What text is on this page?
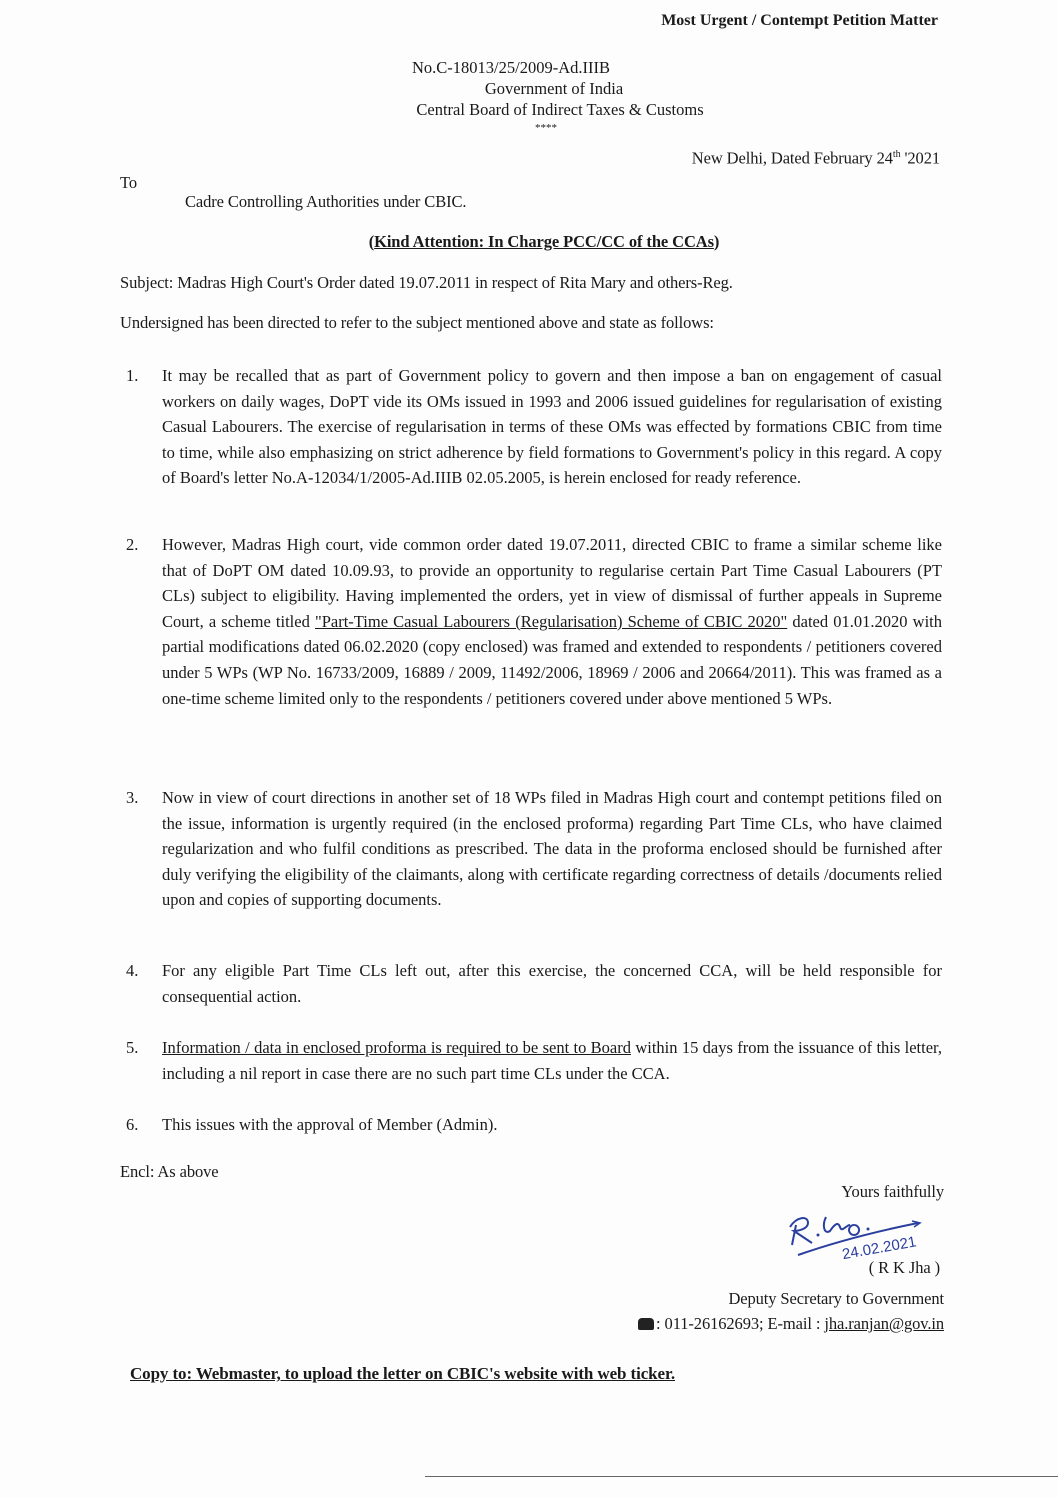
Most Urgent / Contempt Petition Matter
No.C-18013/25/2009-Ad.IIIB
Government of India
Central Board of Indirect Taxes & Customs
****
New Delhi, Dated February 24th '2021
To
Cadre Controlling Authorities under CBIC.
(Kind Attention: In Charge PCC/CC of the CCAs)
Subject: Madras High Court's Order dated 19.07.2011 in respect of Rita Mary and others-Reg.
Undersigned has been directed to refer to the subject mentioned above and state as follows:
1. It may be recalled that as part of Government policy to govern and then impose a ban on engagement of casual workers on daily wages, DoPT vide its OMs issued in 1993 and 2006 issued guidelines for regularisation of existing Casual Labourers. The exercise of regularisation in terms of these OMs was effected by formations CBIC from time to time, while also emphasizing on strict adherence by field formations to Government's policy in this regard. A copy of Board's letter No.A-12034/1/2005-Ad.IIIB 02.05.2005, is herein enclosed for ready reference.
2. However, Madras High court, vide common order dated 19.07.2011, directed CBIC to frame a similar scheme like that of DoPT OM dated 10.09.93, to provide an opportunity to regularise certain Part Time Casual Labourers (PT CLs) subject to eligibility. Having implemented the orders, yet in view of dismissal of further appeals in Supreme Court, a scheme titled "Part-Time Casual Labourers (Regularisation) Scheme of CBIC 2020" dated 01.01.2020 with partial modifications dated 06.02.2020 (copy enclosed) was framed and extended to respondents / petitioners covered under 5 WPs (WP No. 16733/2009, 16889 / 2009, 11492/2006, 18969 / 2006 and 20664/2011). This was framed as a one-time scheme limited only to the respondents / petitioners covered under above mentioned 5 WPs.
3. Now in view of court directions in another set of 18 WPs filed in Madras High court and contempt petitions filed on the issue, information is urgently required (in the enclosed proforma) regarding Part Time CLs, who have claimed regularization and who fulfil conditions as prescribed. The data in the proforma enclosed should be furnished after duly verifying the eligibility of the claimants, along with certificate regarding correctness of details /documents relied upon and copies of supporting documents.
4. For any eligible Part Time CLs left out, after this exercise, the concerned CCA, will be held responsible for consequential action.
5. Information / data in enclosed proforma is required to be sent to Board within 15 days from the issuance of this letter, including a nil report in case there are no such part time CLs under the CCA.
6. This issues with the approval of Member (Admin).
Encl: As above
Yours faithfully
24.02.2021
( R K Jha )
Deputy Secretary to Government
: 011-26162693; E-mail : jha.ranjan@gov.in
Copy to: Webmaster, to upload the letter on CBIC's website with web ticker.
